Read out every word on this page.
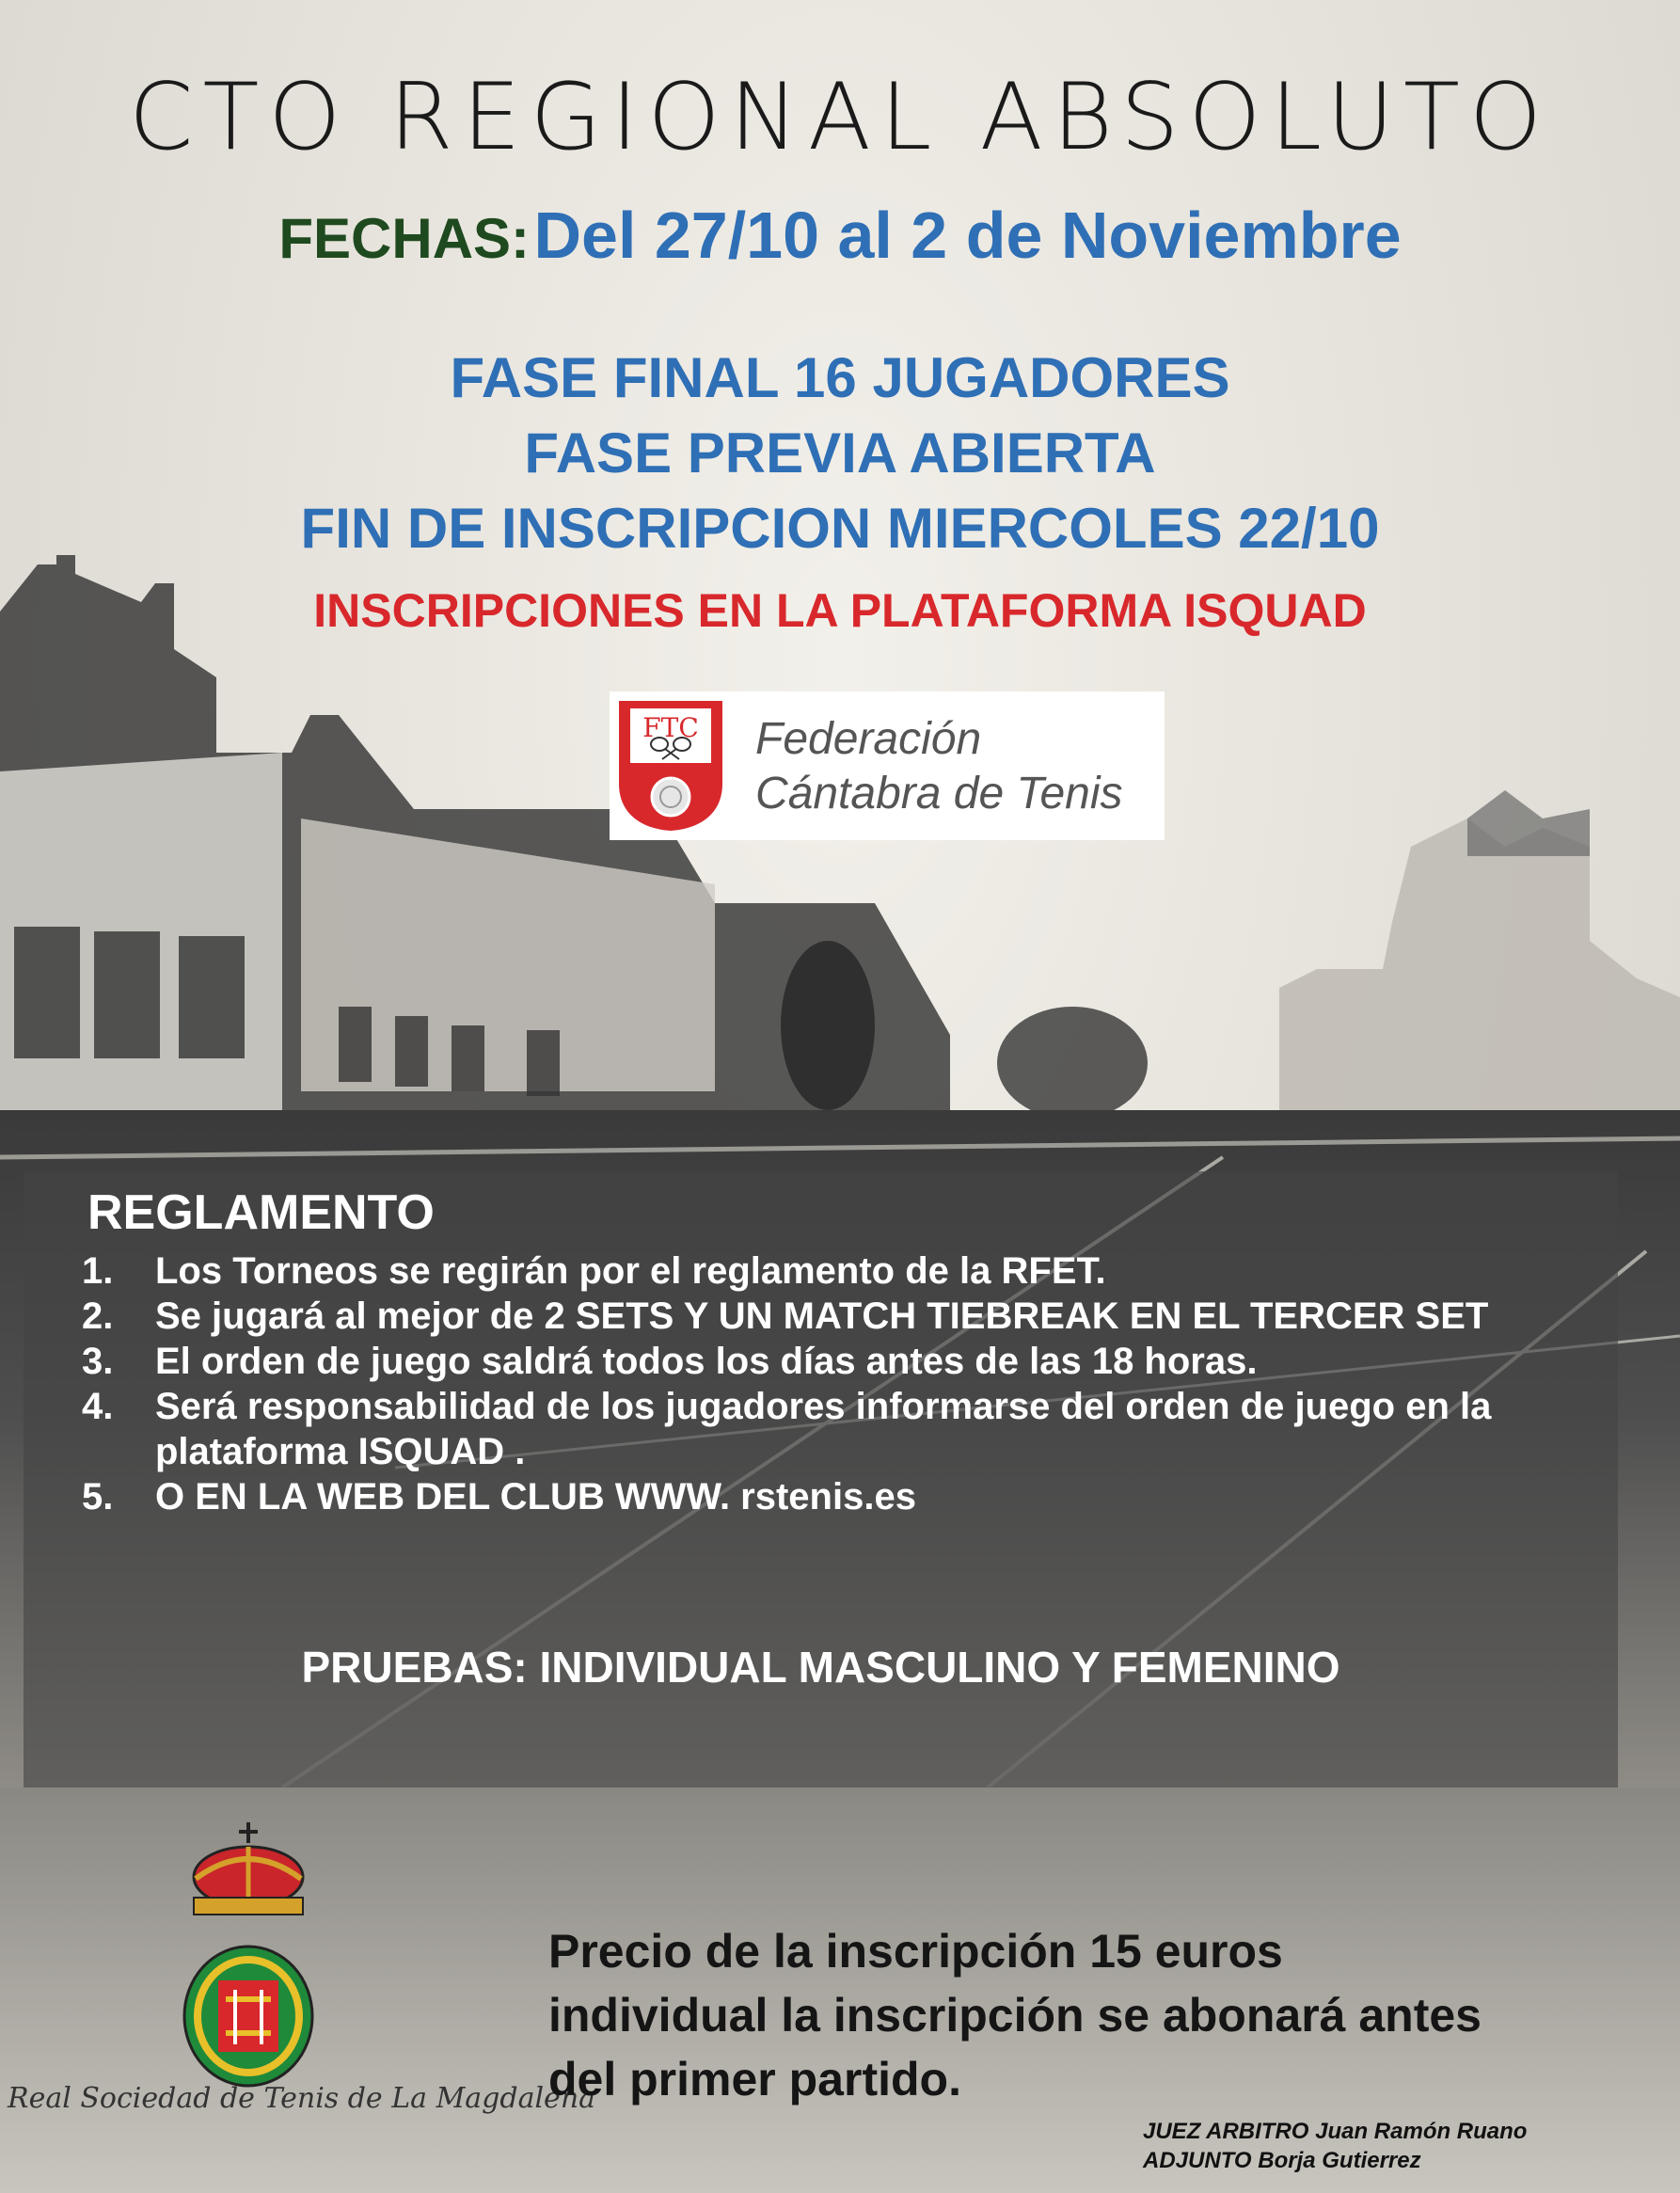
CTO REGIONAL ABSOLUTO
FECHAS: Del 27/10 al 2 de Noviembre
FASE FINAL 16 JUGADORES
FASE PREVIA ABIERTA
FIN DE INSCRIPCION MIERCOLES 22/10
INSCRIPCIONES EN LA PLATAFORMA ISQUAD
FTC Federación
Cántabra de Tenis
REGLAMENTO
1. Los Torneos se regirán por el reglamento de la RFET.
2. Se jugará al mejor de 2 SETS Y UN MATCH TIEBREAK EN EL TERCER SET
3. El orden de juego saldrá todos los días antes de las 18 horas.
4. Será responsabilidad de los jugadores informarse del orden de juego en la plataforma ISQUAD .
5. O EN LA WEB DEL CLUB WWW. rstenis.es
PRUEBAS: INDIVIDUAL MASCULINO Y FEMENINO
Real Sociedad de Tenis de La Magdalena
Precio de la inscripción 15 euros
individual la inscripción se abonará antes
del primer partido.
JUEZ ARBITRO Juan Ramón Ruano
ADJUNTO Borja Gutierrez
